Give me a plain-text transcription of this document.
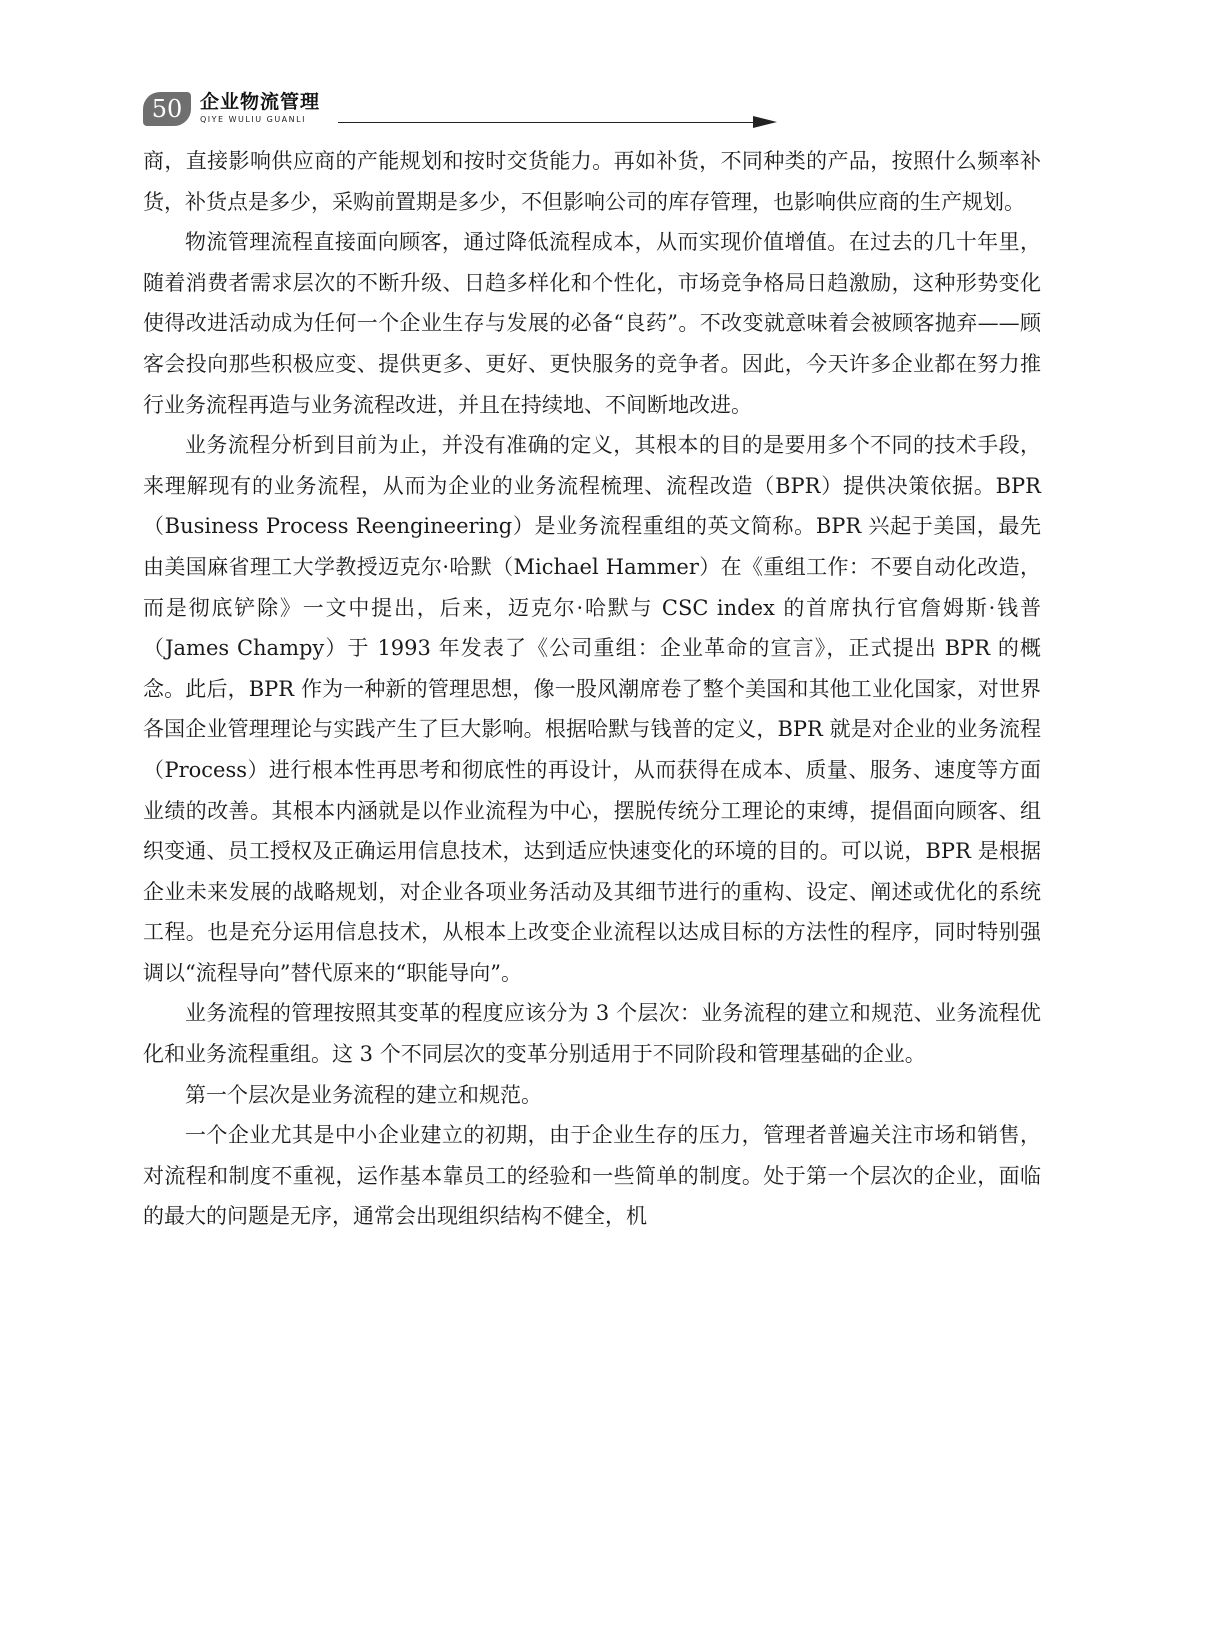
50 企业物流管理
QIYE WULIU GUANLI

商，直接影响供应商的产能规划和按时交货能力。再如补货，不同种类的产品，按照什么频率补货，补货点是多少，采购前置期是多少，不但影响公司的库存管理，也影响供应商的生产规划。

物流管理流程直接面向顾客，通过降低流程成本，从而实现价值增值。在过去的几十年里，随着消费者需求层次的不断升级、日趋多样化和个性化，市场竞争格局日趋激励，这种形势变化使得改进活动成为任何一个企业生存与发展的必备“良药”。不改变就意味着会被顾客抛弃——顾客会投向那些积极应变、提供更多、更好、更快服务的竞争者。因此，今天许多企业都在努力推行业务流程再造与业务流程改进，并且在持续地、不间断地改进。

业务流程分析到目前为止，并没有准确的定义，其根本的目的是要用多个不同的技术手段，来理解现有的业务流程，从而为企业的业务流程梳理、流程改造（BPR）提供决策依据。BPR（Business Process Reengineering）是业务流程重组的英文简称。BPR 兴起于美国，最先由美国麻省理工大学教授迈克尔·哈默（Michael Hammer）在《重组工作：不要自动化改造，而是彻底铲除》一文中提出，后来，迈克尔·哈默与 CSC index 的首席执行官詹姆斯·钱普（James Champy）于 1993 年发表了《公司重组：企业革命的宣言》，正式提出 BPR 的概念。此后，BPR 作为一种新的管理思想，像一股风潮席卷了整个美国和其他工业化国家，对世界各国企业管理理论与实践产生了巨大影响。根据哈默与钱普的定义，BPR 就是对企业的业务流程（Process）进行根本性再思考和彻底性的再设计，从而获得在成本、质量、服务、速度等方面业绩的改善。其根本内涵就是以作业流程为中心，摆脱传统分工理论的束缚，提倡面向顾客、组织变通、员工授权及正确运用信息技术，达到适应快速变化的环境的目的。可以说，BPR 是根据企业未来发展的战略规划，对企业各项业务活动及其细节进行的重构、设定、阐述或优化的系统工程。也是充分运用信息技术，从根本上改变企业流程以达成目标的方法性的程序，同时特别强调以“流程导向”替代原来的“职能导向”。

业务流程的管理按照其变革的程度应该分为 3 个层次：业务流程的建立和规范、业务流程优化和业务流程重组。这 3 个不同层次的变革分别适用于不同阶段和管理基础的企业。

第一个层次是业务流程的建立和规范。

一个企业尤其是中小企业建立的初期，由于企业生存的压力，管理者普遍关注市场和销售，对流程和制度不重视，运作基本靠员工的经验和一些简单的制度。处于第一个层次的企业，面临的最大的问题是无序，通常会出现组织结构不健全，机
